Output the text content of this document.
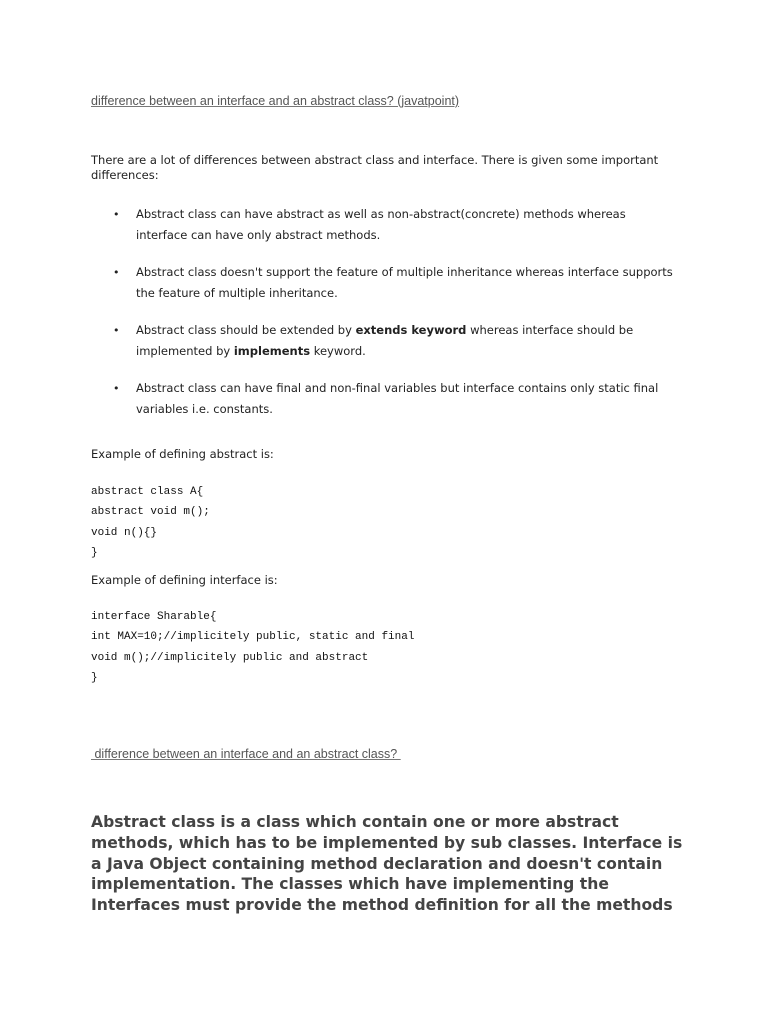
difference between an interface and an abstract class? (javatpoint)
There are a lot of differences between abstract class and interface. There is given some important differences:
• Abstract class can have abstract as well as non-abstract(concrete) methods whereas interface can have only abstract methods.
• Abstract class doesn't support the feature of multiple inheritance whereas interface supports the feature of multiple inheritance.
• Abstract class should be extended by extends keyword whereas interface should be implemented by implements keyword.
• Abstract class can have final and non-final variables but interface contains only static final variables i.e. constants.
Example of defining abstract is:
abstract class A{
abstract void m();
void n(){}
}
Example of defining interface is:
interface Sharable{
int MAX=10;//implicitely public, static and final
void m();//implicitely public and abstract
}
difference between an interface and an abstract class?
Abstract class is a class which contain one or more abstract methods, which has to be implemented by sub classes. Interface is a Java Object containing method declaration and doesn't contain implementation. The classes which have implementing the Interfaces must provide the method definition for all the methods
